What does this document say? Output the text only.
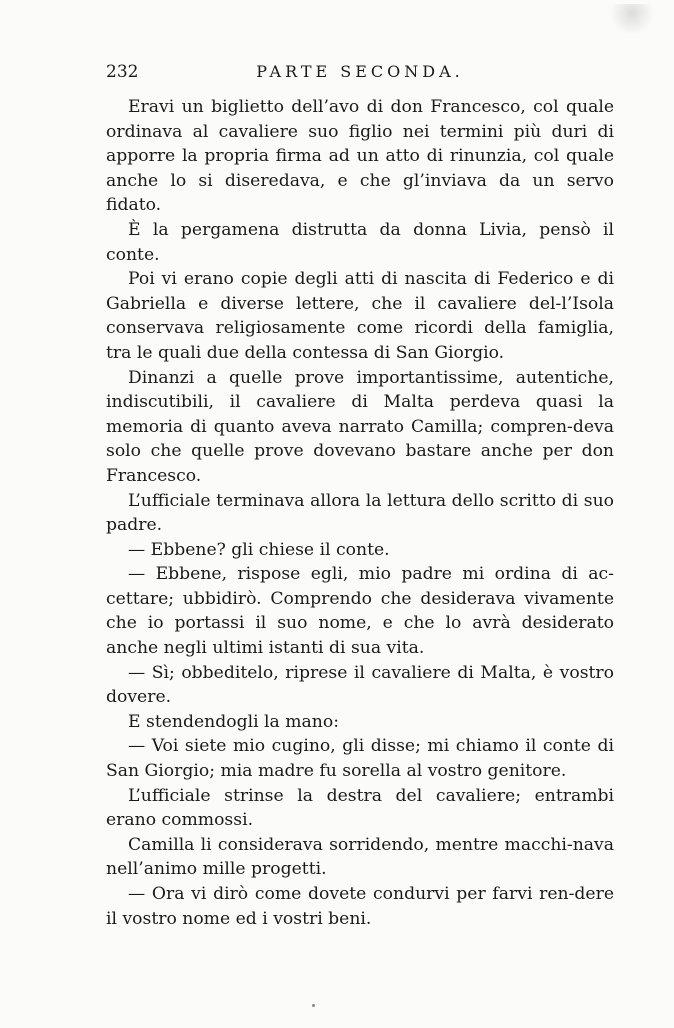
232	PARTE SECONDA.

Eravi un biglietto dell’avo di don Francesco, col quale ordinava al cavaliere suo figlio nei termini più duri di apporre la propria firma ad un atto di rinunzia, col quale anche lo si diseredava, e che gl’inviava da un servo fidato.

È la pergamena distrutta da donna Livia, pensò il conte.

Poi vi erano copie degli atti di nascita di Federico e di Gabriella e diverse lettere, che il cavaliere del-l’Isola conservava religiosamente come ricordi della famiglia, tra le quali due della contessa di San Giorgio.

Dinanzi a quelle prove importantissime, autentiche, indiscutibili, il cavaliere di Malta perdeva quasi la memoria di quanto aveva narrato Camilla; compren-deva solo che quelle prove dovevano bastare anche per don Francesco.

L’ufficiale terminava allora la lettura dello scritto di suo padre.

— Ebbene? gli chiese il conte.

— Ebbene, rispose egli, mio padre mi ordina di ac-cettare; ubbidirò. Comprendo che desiderava vivamente che io portassi il suo nome, e che lo avrà desiderato anche negli ultimi istanti di sua vita.

— Sì; obbeditelo, riprese il cavaliere di Malta, è vostro dovere.

E stendendogli la mano:

— Voi siete mio cugino, gli disse; mi chiamo il conte di San Giorgio; mia madre fu sorella al vostro genitore.

L’ufficiale strinse la destra del cavaliere; entrambi erano commossi.

Camilla li considerava sorridendo, mentre macchi-nava nell’animo mille progetti.

— Ora vi dirò come dovete condurvi per farvi ren-dere il vostro nome ed i vostri beni.
